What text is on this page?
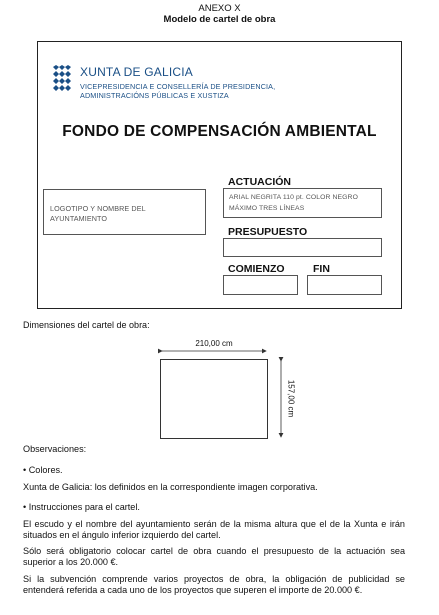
ANEXO X
Modelo de cartel de obra
XUNTA DE GALICIA
VICEPRESIDENCIA E CONSELLERÍA DE PRESIDENCIA,
ADMINISTRACIÓNS PÚBLICAS E XUSTIZA
FONDO DE COMPENSACIÓN AMBIENTAL
LOGOTIPO Y NOMBRE DEL
AYUNTAMIENTO
ACTUACIÓN
ARIAL NEGRITA 110 pt. COLOR NEGRO
MÁXIMO TRES LÍNEAS
PRESUPUESTO
COMIENZO	FIN
Dimensiones del cartel de obra:
210,00 cm
157,00 cm
Observaciones:
• Colores.
Xunta de Galicia: los definidos en la correspondiente imagen corporativa.
• Instrucciones para el cartel.
El escudo y el nombre del ayuntamiento serán de la misma altura que el de la Xunta e irán situados en el ángulo inferior izquierdo del cartel.
Sólo será obligatorio colocar cartel de obra cuando el presupuesto de la actuación sea superior a los 20.000 €.
Si la subvención comprende varios proyectos de obra, la obligación de publicidad se entenderá referida a cada uno de los proyectos que superen el importe de 20.000 €.
